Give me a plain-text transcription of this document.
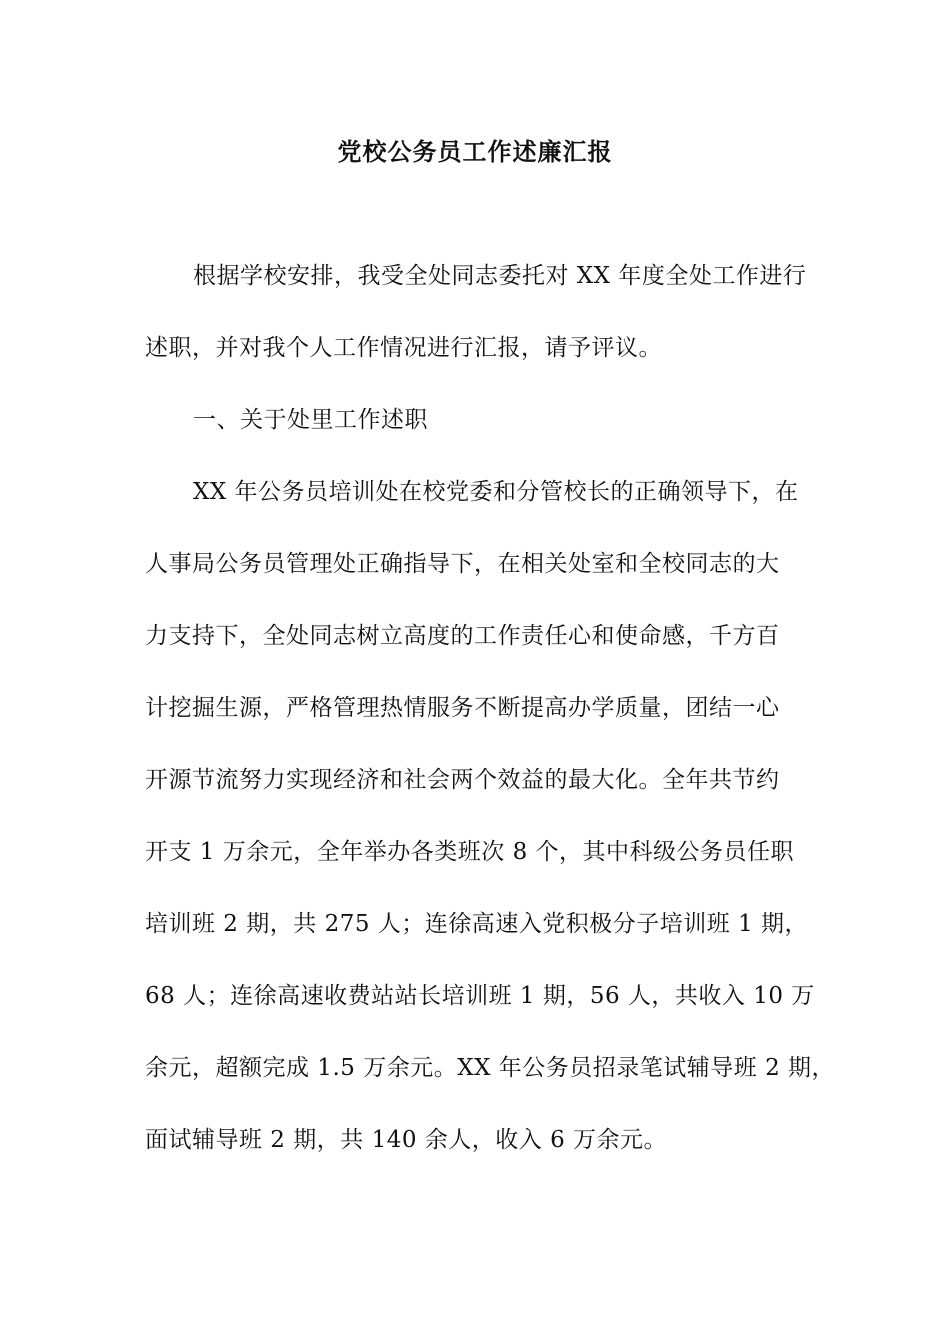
党校公务员工作述廉汇报
根据学校安排，我受全处同志委托对 XX 年度全处工作进行
述职，并对我个人工作情况进行汇报，请予评议。
一、关于处里工作述职
XX 年公务员培训处在校党委和分管校长的正确领导下，在
人事局公务员管理处正确指导下，在相关处室和全校同志的大
力支持下，全处同志树立高度的工作责任心和使命感，千方百
计挖掘生源，严格管理热情服务不断提高办学质量，团结一心
开源节流努力实现经济和社会两个效益的最大化。全年共节约
开支 1 万余元，全年举办各类班次 8 个，其中科级公务员任职
培训班 2 期，共 275 人；连徐高速入党积极分子培训班 1 期，
68 人；连徐高速收费站站长培训班 1 期，56 人，共收入 10 万
余元，超额完成 1.5 万余元。XX 年公务员招录笔试辅导班 2 期，
面试辅导班 2 期，共 140 余人，收入 6 万余元。
